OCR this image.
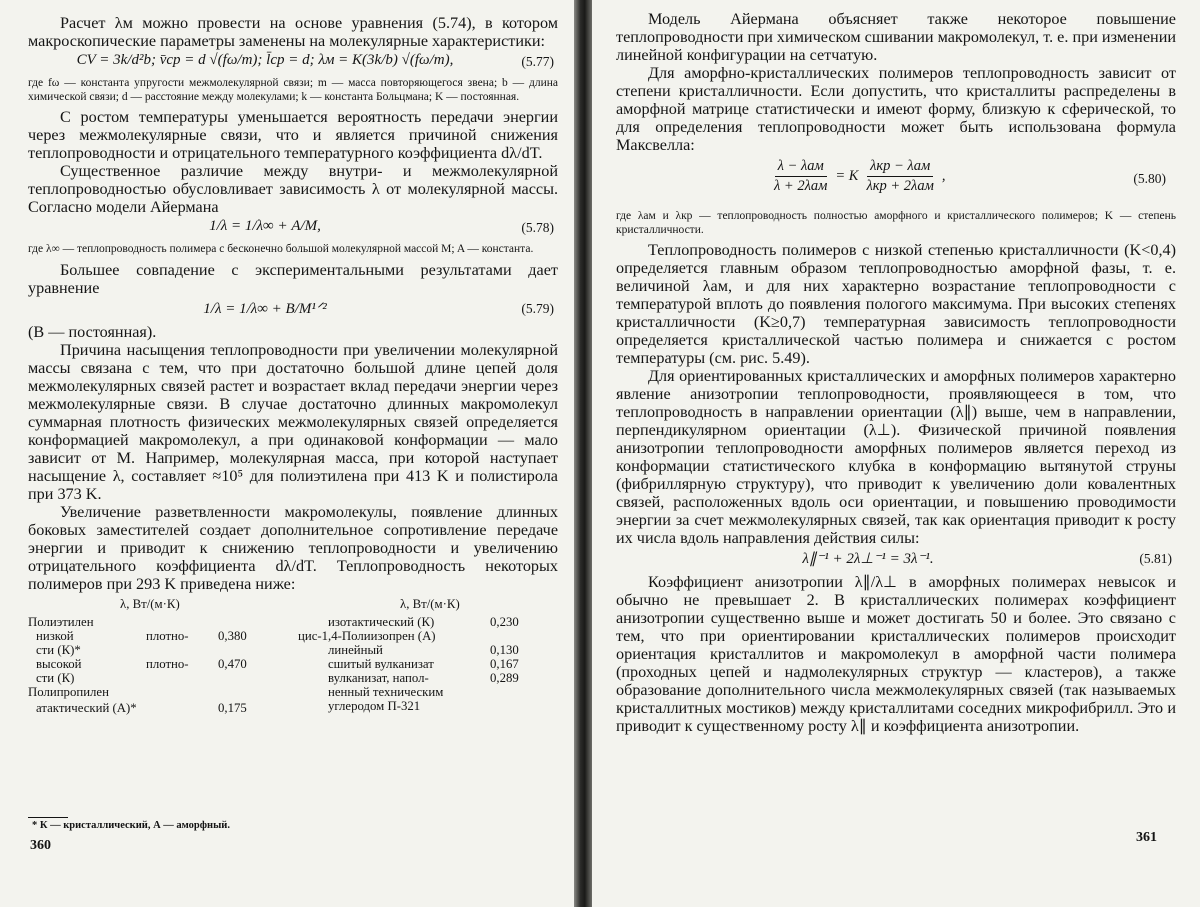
Расчет λм можно провести на основе уравнения (5.74), в котором макроскопические параметры заменены на молекулярные характеристики:

CV = 3k/d²b; v̄ср = d √(fω/m); l̄ср = d; λм = K(3k/b) √(fω/m),	(5.77)

где fω — константа упругости межмолекулярной связи; m — масса повторяющегося звена; b — длина химической связи; d — расстояние между молекулами; k — константа Больцмана; K — постоянная.

С ростом температуры уменьшается вероятность передачи энергии через межмолекулярные связи, что и является причиной снижения теплопроводности и отрицательного температурного коэффициента dλ/dT.

Существенное различие между внутри- и межмолекулярной теплопроводностью обусловливает зависимость λ от молекулярной массы. Согласно модели Айермана

1/λ = 1/λ∞ + A/M,	(5.78)

где λ∞ — теплопроводность полимера с бесконечно большой молекулярной массой M; A — константа.

Большее совпадение с экспериментальными результатами дает уравнение

1/λ = 1/λ∞ + B/M¹ᐟ²	(5.79)

(B — постоянная).

Причина насыщения теплопроводности при увеличении молекулярной массы связана с тем, что при достаточно большой длине цепей доля межмолекулярных связей растет и возрастает вклад передачи энергии через межмолекулярные связи. В случае достаточно длинных макромолекул суммарная плотность физических межмолекулярных связей определяется конформацией макромолекул, а при одинаковой конформации — мало зависит от M. Например, молекулярная масса, при которой наступает насыщение λ, составляет ≈10⁵ для полиэтилена при 413 K и полистирола при 373 K.

Увеличение разветвленности макромолекулы, появление длинных боковых заместителей создает дополнительное сопротивление передаче энергии и приводит к снижению теплопроводности и увеличению отрицательного коэффициента dλ/dT. Теплопроводность некоторых полимеров при 293 K приведена ниже:

λ, Вт/(м·К)	λ, Вт/(м·К)
Полиэтилен
низкой	плотно- 0,380
сти (К)*
высокой	плотно- 0,470
сти (К)
Полипропилен
атактический (А)*	0,175
изотактический (К)	0,230
цис-1,4-Полиизопрен (А)
линейный	0,130
сшитый вулканизат	0,167
вулканизат, напол-	0,289
ненный техническим
углеродом П-321
* К — кристаллический, А — аморфный.
360

Модель Айермана объясняет также некоторое повышение теплопроводности при химическом сшивании макромолекул, т. е. при изменении линейной конфигурации на сетчатую.

Для аморфно-кристаллических полимеров теплопроводность зависит от степени кристалличности. Если допустить, что кристаллиты распределены в аморфной матрице статистически и имеют форму, близкую к сферической, то для определения теплопроводности может быть использована формула Максвелла:

$\frac{\text{λ − λам}}{\text{λ + 2λам}} = K \frac{\text{λкр − λам}}{\text{λкр + 2λам}}$ ,	(5.80)

где λам и λкр — теплопроводность полностью аморфного и кристаллического полимеров; K — степень кристалличности.

Теплопроводность полимеров с низкой степенью кристалличности (K<0,4) определяется главным образом теплопроводностью аморфной фазы, т. е. величиной λам, и для них характерно возрастание теплопроводности с температурой вплоть до появления пологого максимума. При высоких степенях кристалличности (K≥0,7) температурная зависимость теплопроводности определяется кристаллической частью полимера и снижается с ростом температуры (см. рис. 5.49).

Для ориентированных кристаллических и аморфных полимеров характерно явление анизотропии теплопроводности, проявляющееся в том, что теплопроводность в направлении ориентации (λ∥) выше, чем в направлении, перпендикулярном ориентации (λ⊥). Физической причиной появления анизотропии теплопроводности аморфных полимеров является переход из конформации статистического клубка в конформацию вытянутой струны (фибриллярную структуру), что приводит к увеличению доли ковалентных связей, расположенных вдоль оси ориентации, и повышению проводимости энергии за счет межмолекулярных связей, так как ориентация приводит к росту их числа вдоль направления действия силы:

λ∥⁻¹ + 2λ⊥⁻¹ = 3λ⁻¹.	(5.81)

Коэффициент анизотропии λ∥/λ⊥ в аморфных полимерах невысок и обычно не превышает 2. В кристаллических полимерах коэффициент анизотропии существенно выше и может достигать 50 и более. Это связано с тем, что при ориентировании кристаллических полимеров происходит ориентация кристаллитов и макромолекул в аморфной части полимера (проходных цепей и надмолекулярных структур — кластеров), а также образование дополнительного числа межмолекулярных связей (так называемых кристаллитных мостиков) между кристаллитами соседних микрофибрилл. Это и приводит к существенному росту λ∥ и коэффициента анизотропии.

361
